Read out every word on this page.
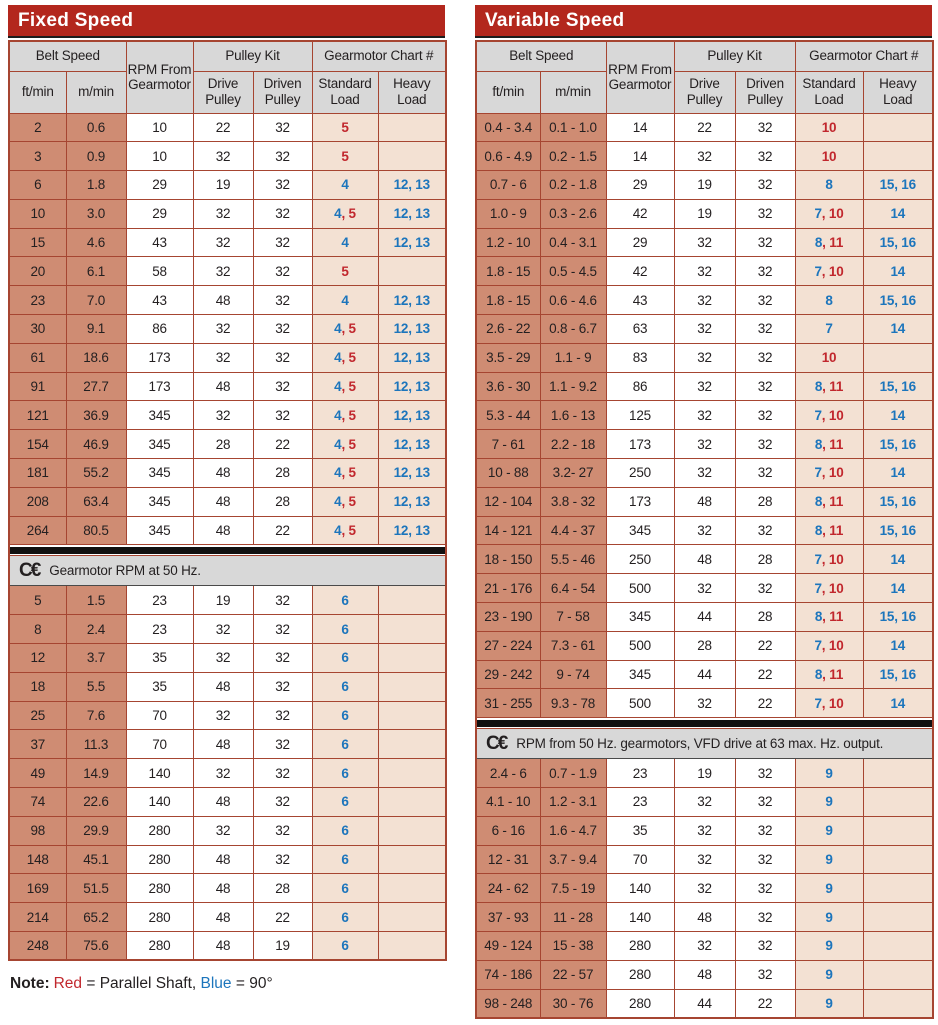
Fixed Speed
Belt Speed		RPM From Gearmotor	Pulley Kit		Gearmotor Chart #	
ft/min	m/min		Drive Pulley	Driven Pulley	Standard Load	Heavy Load
2	0.6	10	22	32	5	
3	0.9	10	32	32	5	
6	1.8	29	19	32	4	12, 13
10	3.0	29	32	32	4, 5	12, 13
15	4.6	43	32	32	4	12, 13
20	6.1	58	32	32	5	
23	7.0	43	48	32	4	12, 13
30	9.1	86	32	32	4, 5	12, 13
61	18.6	173	32	32	4, 5	12, 13
91	27.7	173	48	32	4, 5	12, 13
121	36.9	345	32	32	4, 5	12, 13
154	46.9	345	28	22	4, 5	12, 13
181	55.2	345	48	28	4, 5	12, 13
208	63.4	345	48	28	4, 5	12, 13
264	80.5	345	48	22	4, 5	12, 13

C€ Gearmotor RPM at 50 Hz.						
5	1.5	23	19	32	6	
8	2.4	23	32	32	6	
12	3.7	35	32	32	6	
18	5.5	35	48	32	6	
25	7.6	70	32	32	6	
37	11.3	70	48	32	6	
49	14.9	140	32	32	6	
74	22.6	140	48	32	6	
98	29.9	280	32	32	6	
148	45.1	280	48	32	6	
169	51.5	280	48	28	6	
214	65.2	280	48	22	6	
248	75.6	280	48	19	6	

Note: Red = Parallel Shaft, Blue = 90°

Variable Speed
Belt Speed		RPM From Gearmotor	Pulley Kit		Gearmotor Chart #	
ft/min	m/min		Drive Pulley	Driven Pulley	Standard Load	Heavy Load
0.4 - 3.4	0.1 - 1.0	14	22	32	10	
0.6 - 4.9	0.2 - 1.5	14	32	32	10	
0.7 - 6	0.2 - 1.8	29	19	32	8	15, 16
1.0 - 9	0.3 - 2.6	42	19	32	7, 10	14
1.2 - 10	0.4 - 3.1	29	32	32	8, 11	15, 16
1.8 - 15	0.5 - 4.5	42	32	32	7, 10	14
1.8 - 15	0.6 - 4.6	43	32	32	8	15, 16
2.6 - 22	0.8 - 6.7	63	32	32	7	14
3.5 - 29	1.1 - 9	83	32	32	10	
3.6 - 30	1.1 - 9.2	86	32	32	8, 11	15, 16
5.3 - 44	1.6 - 13	125	32	32	7, 10	14
7 - 61	2.2 - 18	173	32	32	8, 11	15, 16
10 - 88	3.2- 27	250	32	32	7, 10	14
12 - 104	3.8 - 32	173	48	28	8, 11	15, 16
14 - 121	4.4 - 37	345	32	32	8, 11	15, 16
18 - 150	5.5 - 46	250	48	28	7, 10	14
21 - 176	6.4 - 54	500	32	32	7, 10	14
23 - 190	7 - 58	345	44	28	8, 11	15, 16
27 - 224	7.3 - 61	500	28	22	7, 10	14
29 - 242	9 - 74	345	44	22	8, 11	15, 16
31 - 255	9.3 - 78	500	32	22	7, 10	14

C€ RPM from 50 Hz. gearmotors, VFD drive at 63 max. Hz. output.						
2.4 - 6	0.7 - 1.9	23	19	32	9	
4.1 - 10	1.2 - 3.1	23	32	32	9	
6 - 16	1.6 - 4.7	35	32	32	9	
12 - 31	3.7 - 9.4	70	32	32	9	
24 - 62	7.5 - 19	140	32	32	9	
37 - 93	11 - 28	140	48	32	9	
49 - 124	15 - 38	280	32	32	9	
74 - 186	22 - 57	280	48	32	9	
98 - 248	30 - 76	280	44	22	9	
